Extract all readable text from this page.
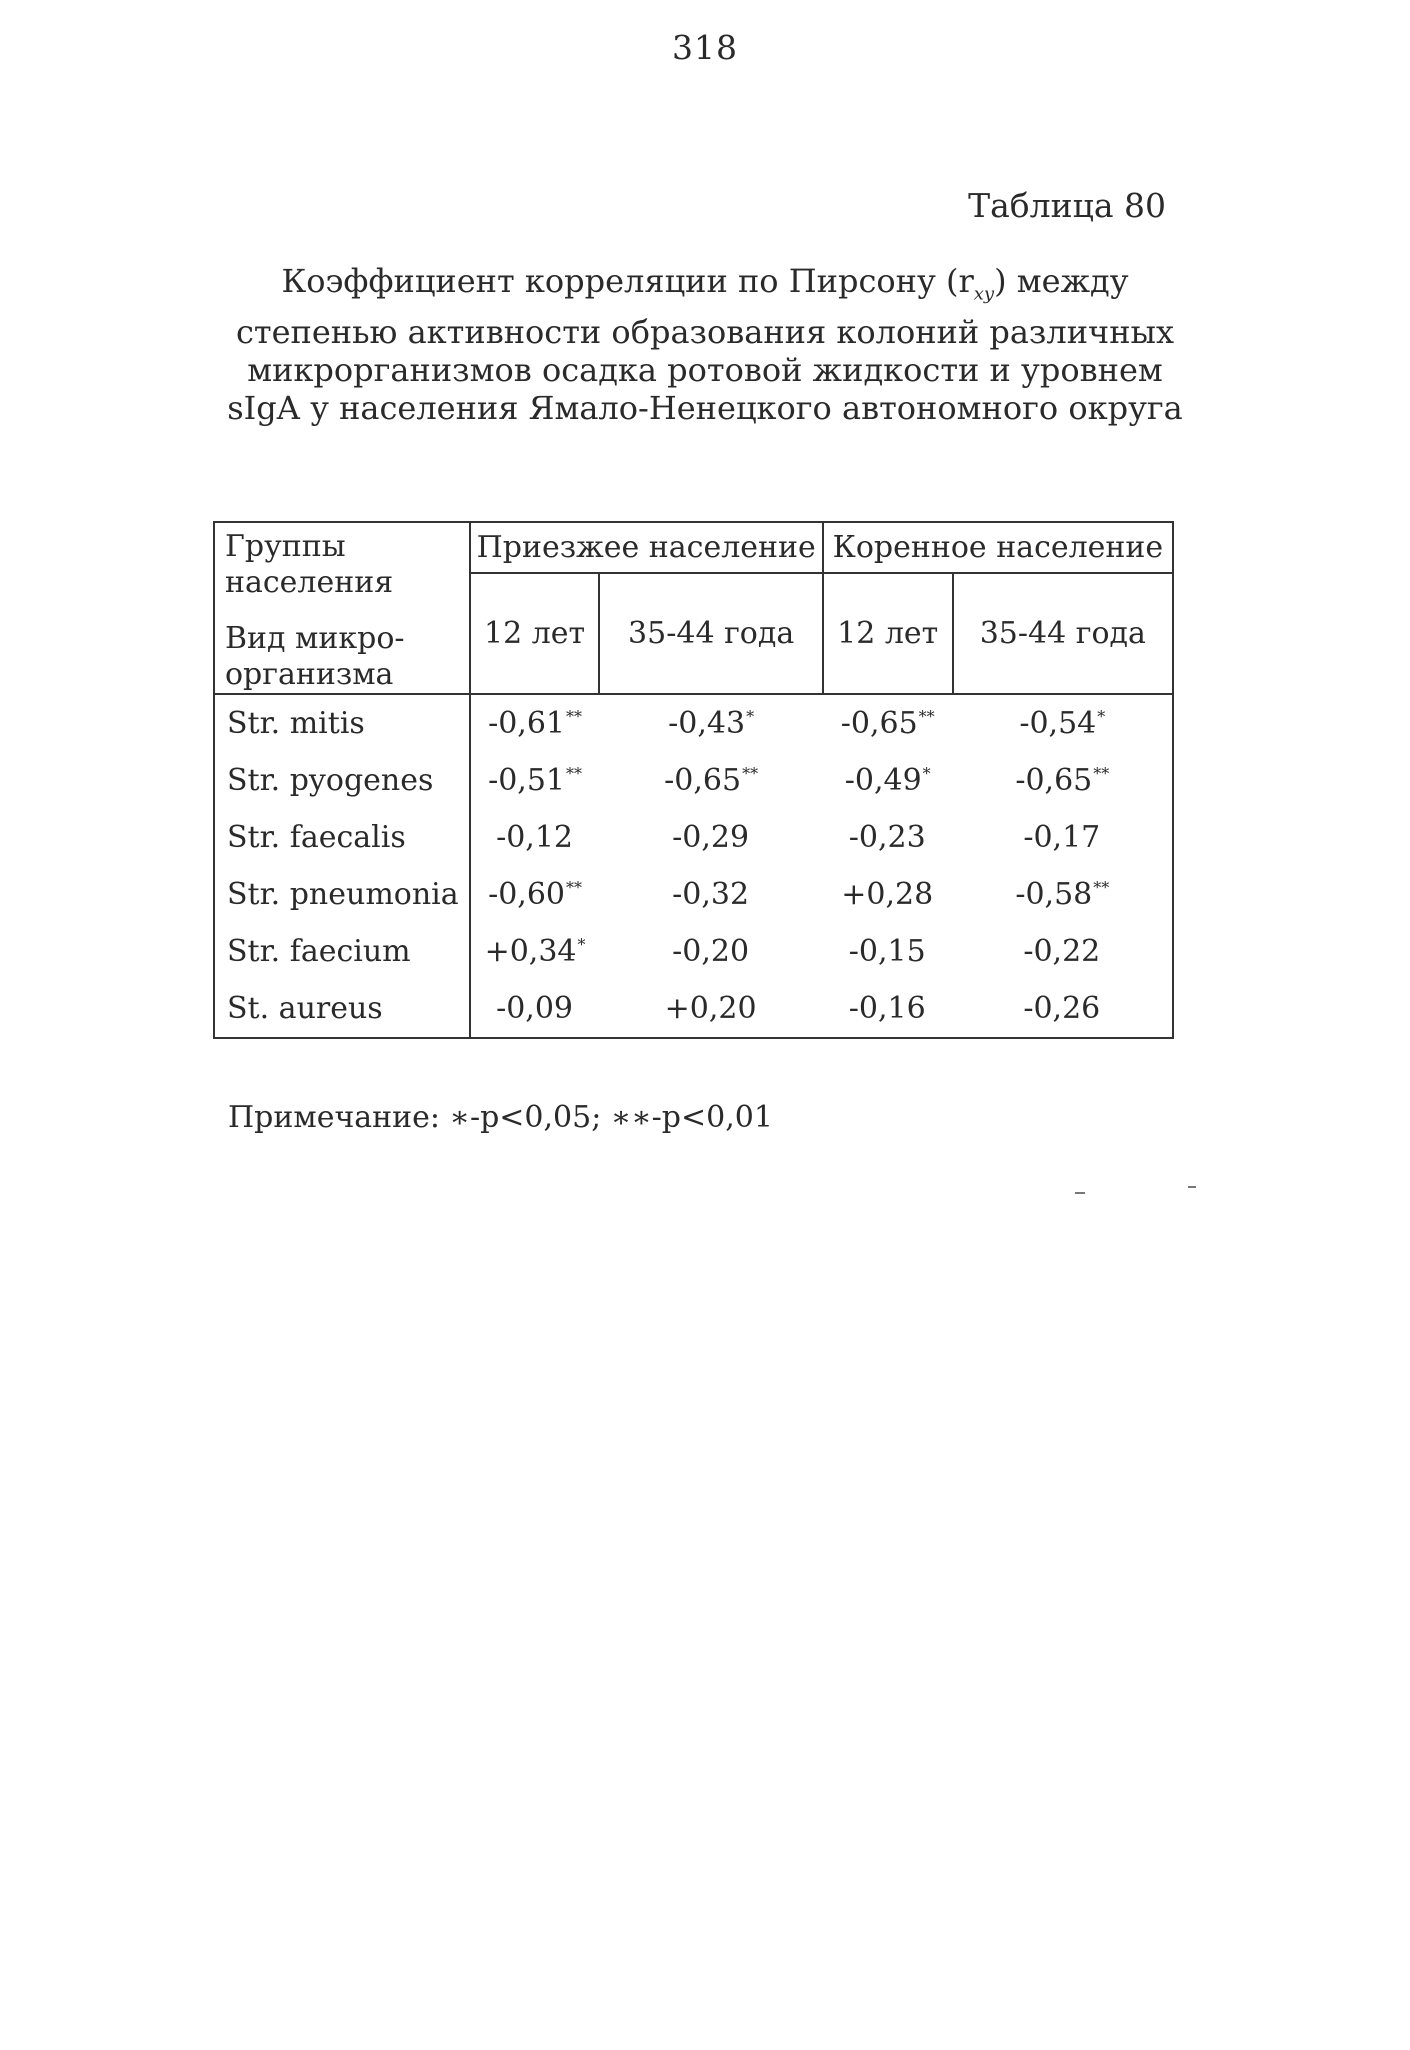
318
Таблица 80
Коэффициент корреляции по Пирсону $(r_{xy})$ между
степенью активности образования колоний различных
микрорганизмов осадка ротовой жидкости и уровнем
sIgA у населения Ямало-Ненецкого автономного округа
Группы
населения
Вид микро-
организма	Приезжее население		Коренное население	
	12 лет	35-44 года	12 лет	35-44 года
Str. mitis	-0,61**	-0,43*	-0,65**	-0,54*
Str. pyogenes	-0,51**	-0,65**	-0,49*	-0,65**
Str. faecalis	-0,12	-0,29	-0,23	-0,17
Str. pneumonia	-0,60**	-0,32	+0,28	-0,58**
Str. faecium	+0,34*	-0,20	-0,15	-0,22
St. aureus	-0,09	+0,20	-0,16	-0,26
Примечание: ∗-p<0,05; ∗∗-p<0,01
